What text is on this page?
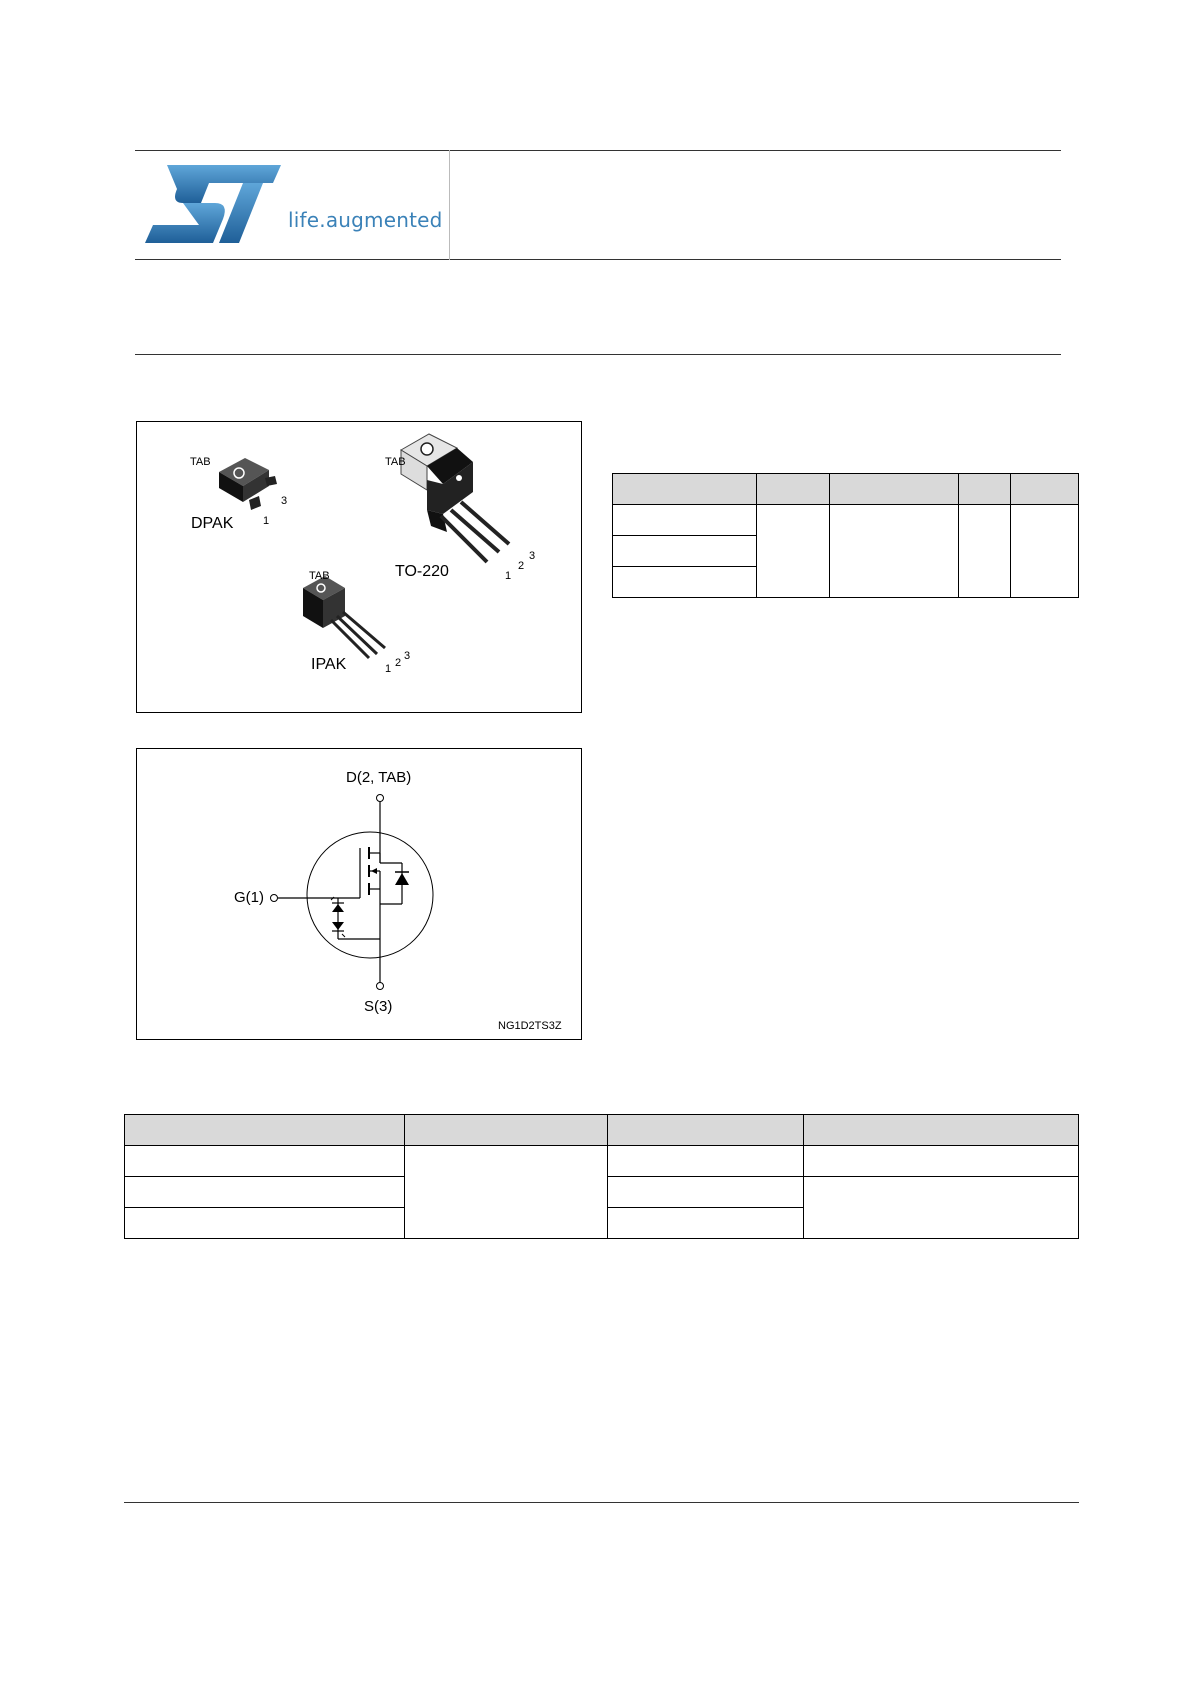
life.augmented
TAB
DPAK	1
3
TAB
TO-220	1
2
3
TAB
IPAK	1 2
3
D(2, TAB)
G(1)
S(3)
NG1D2TS3Z
